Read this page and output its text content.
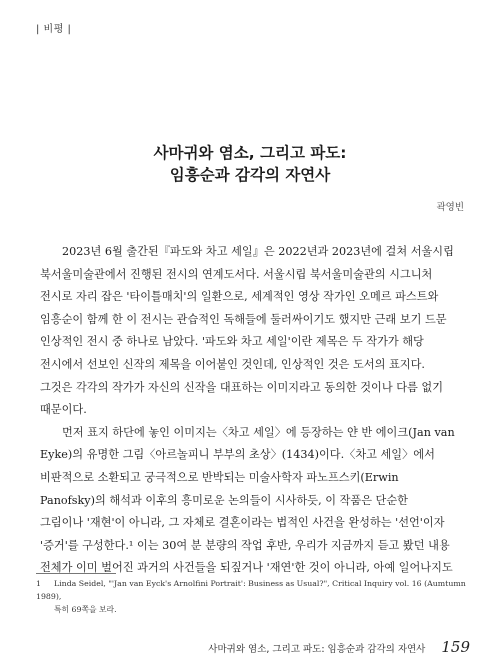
| 비평 |
사마귀와 염소, 그리고 파도:
임흥순과 감각의 자연사
곽영빈
2023년 6월 출간된『파도와 차고 세일』은 2022년과 2023년에 걸쳐 서울시립
북서울미술관에서 진행된 전시의 연계도서다. 서울시립 북서울미술관의 시그니처
전시로 자리 잡은 '타이틀매치'의 일환으로, 세계적인 영상 작가인 오메르 파스트와
임흥순이 함께 한 이 전시는 관습적인 독해들에 둘러싸이기도 했지만 근래 보기 드문
인상적인 전시 중 하나로 남았다. '파도와 차고 세일'이란 제목은 두 작가가 해당
전시에서 선보인 신작의 제목을 이어붙인 것인데, 인상적인 것은 도서의 표지다.
그것은 각각의 작가가 자신의 신작을 대표하는 이미지라고 동의한 것이나 다름 없기
때문이다.
먼저 표지 하단에 놓인 이미지는〈차고 세일〉에 등장하는 얀 반 에이크(Jan van
Eyke)의 유명한 그림〈아르놀피니 부부의 초상〉(1434)이다.〈차고 세일〉에서
비판적으로 소환되고 궁극적으로 반박되는 미술사학자 파노프스키(Erwin
Panofsky)의 해석과 이후의 흥미로운 논의들이 시사하듯, 이 작품은 단순한
그림이나 '재현'이 아니라, 그 자체로 결혼이라는 법적인 사건을 완성하는 '선언'이자
'증거'를 구성한다.¹ 이는 30여 분 분량의 작업 후반, 우리가 지금까지 듣고 봤던 내용
전체가 이미 벌어진 과거의 사건들을 되짚거나 '재연'한 것이 아니라, 아예 일어나지도
1 Linda Seidel, "'Jan van Eyck's Arnolfini Portrait': Business as Usual?", Critical Inquiry vol. 16 (Aumtumn 1989),
특히 69쪽을 보라.
사마귀와 염소, 그리고 파도: 임흥순과 감각의 자연사 159
